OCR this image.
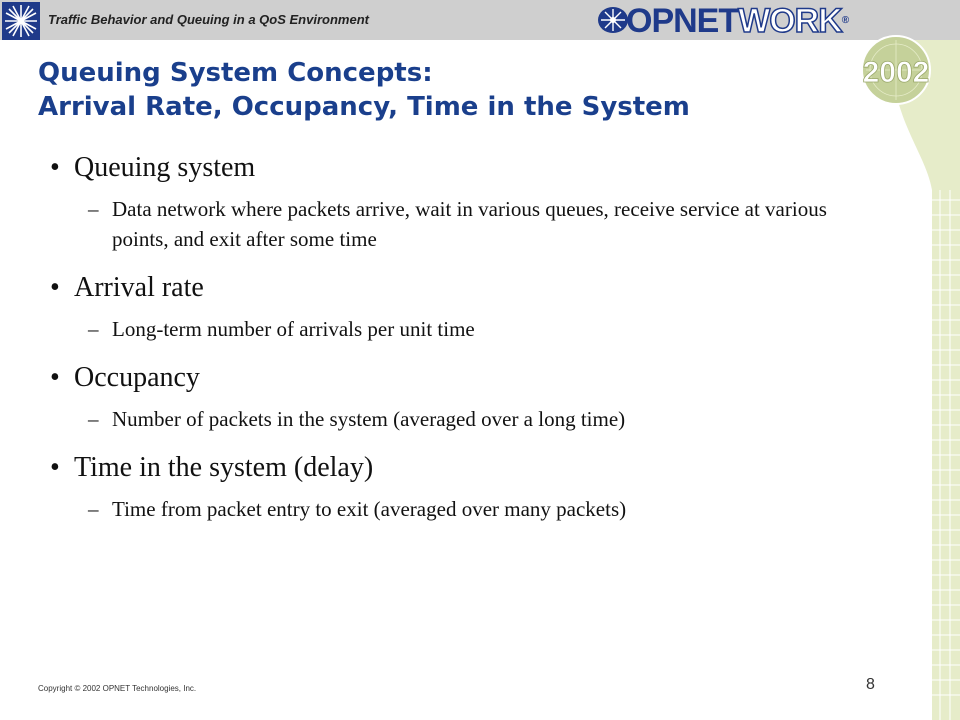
Traffic Behavior and Queuing in a QoS Environment	OPNETWORK®
2002
Queuing System Concepts:
Arrival Rate, Occupancy, Time in the System
• Queuing system
– Data network where packets arrive, wait in various queues, receive service at various points, and exit after some time
• Arrival rate
– Long-term number of arrivals per unit time
• Occupancy
– Number of packets in the system (averaged over a long time)
• Time in the system (delay)
– Time from packet entry to exit (averaged over many packets)
Copyright © 2002 OPNET Technologies, Inc.	8
